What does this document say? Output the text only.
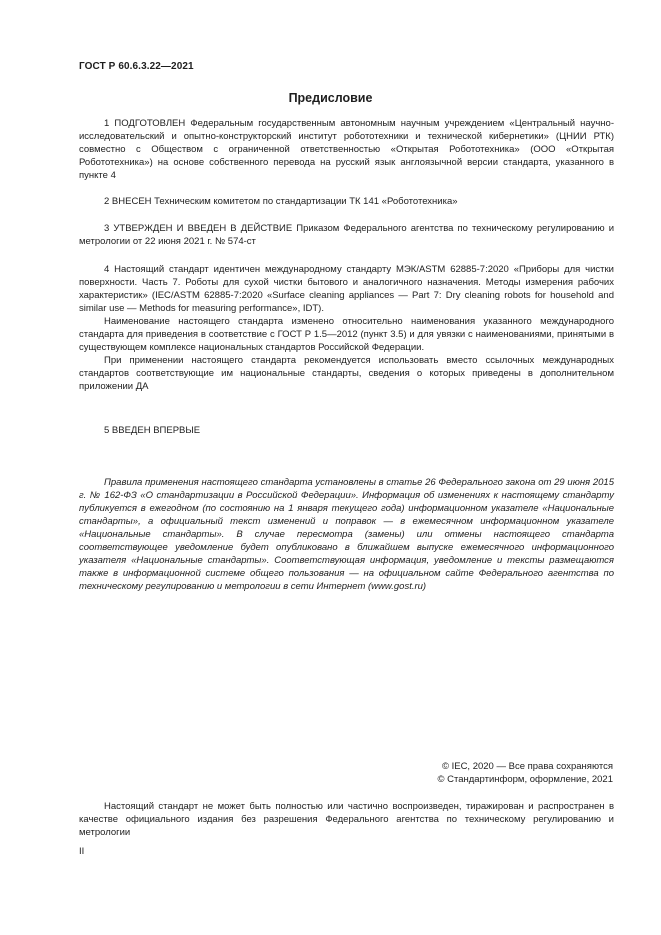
ГОСТ Р 60.6.3.22—2021
Предисловие

1 ПОДГОТОВЛЕН Федеральным государственным автономным научным учреждением «Центральный научно-исследовательский и опытно-конструкторский институт робототехники и технической кибернетики» (ЦНИИ РТК) совместно с Обществом с ограниченной ответственностью «Открытая Робототехника» (ООО «Открытая Робототехника») на основе собственного перевода на русский язык англоязычной версии стандарта, указанного в пункте 4

2 ВНЕСЕН Техническим комитетом по стандартизации ТК 141 «Робототехника»

3 УТВЕРЖДЕН И ВВЕДЕН В ДЕЙСТВИЕ Приказом Федерального агентства по техническому регулированию и метрологии от 22 июня 2021 г. № 574-ст

4 Настоящий стандарт идентичен международному стандарту МЭК/ASTM 62885-7:2020 «Приборы для чистки поверхности. Часть 7. Роботы для сухой чистки бытового и аналогичного назначения. Методы измерения рабочих характеристик» (IEC/ASTM 62885-7:2020 «Surface cleaning appliances — Part 7: Dry cleaning robots for household and similar use — Methods for measuring performance», IDT).

Наименование настоящего стандарта изменено относительно наименования указанного международного стандарта для приведения в соответствие с ГОСТ Р 1.5—2012 (пункт 3.5) и для увязки с наименованиями, принятыми в существующем комплексе национальных стандартов Российской Федерации.

При применении настоящего стандарта рекомендуется использовать вместо ссылочных международных стандартов соответствующие им национальные стандарты, сведения о которых приведены в дополнительном приложении ДА

5 ВВЕДЕН ВПЕРВЫЕ

Правила применения настоящего стандарта установлены в статье 26 Федерального закона от 29 июня 2015 г. № 162-ФЗ «О стандартизации в Российской Федерации». Информация об изменениях к настоящему стандарту публикуется в ежегодном (по состоянию на 1 января текущего года) информационном указателе «Национальные стандарты», а официальный текст изменений и поправок — в ежемесячном информационном указателе «Национальные стандарты». В случае пересмотра (замены) или отмены настоящего стандарта соответствующее уведомление будет опубликовано в ближайшем выпуске ежемесячного информационного указателя «Национальные стандарты». Соответствующая информация, уведомление и тексты размещаются также в информационной системе общего пользования — на официальном сайте Федерального агентства по техническому регулированию и метрологии в сети Интернет (www.gost.ru)

© IEC, 2020 — Все права сохраняются
© Стандартинформ, оформление, 2021

Настоящий стандарт не может быть полностью или частично воспроизведен, тиражирован и распространен в качестве официального издания без разрешения Федерального агентства по техническому регулированию и метрологии

II
